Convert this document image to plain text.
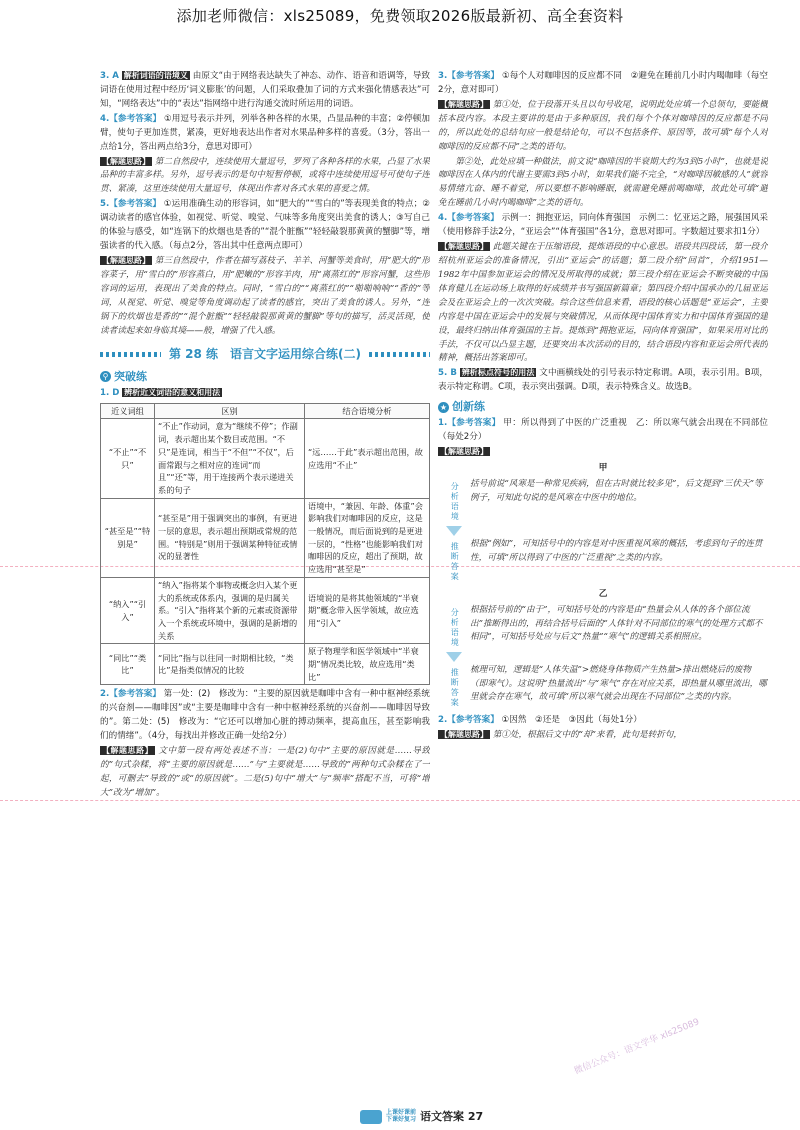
添加老师微信：xls25089，免费领取2026版最新初、高全套资料
3. A 解析词语的语境义 由原文“由于网络表达缺失了神态、动作、语音和语调等，导致词语在使用过程中经历‘词义膨胀’的问题，人们采取叠加了词的方式来强化情感表达”可知，“网络表达”中的“表达”指网络中进行沟通交流时所运用的词语。
4.【参考答案】 ①用逗号表示并列，列举各种各样的水果，凸显品种的丰富；②停顿加臂，使句子更加连贯，紧凑，更好地表达出作者对水果品种多样的喜爱。（3分，答出一点给1分，答出两点给3分，意思对即可）
【解题思路】 第二自然段中，连续使用大量逗号，罗列了各种各样的水果，凸显了水果品种的丰富多样。另外，逗号表示的是句中短暂停顿，或将中连续使用逗号可使句子连贯、紧凑，这里连续使用大量逗号，体现出作者对各式水果的喜爱之情。
5.【参考答案】 ①运用准确生动的形容词，如“肥大的”“雪白的”等表现美食的特点；②调动读者的感官体验，如视觉、听觉、嗅觉、气味等多角度突出美食的诱人；③写自己的体验与感受，如“连锅下的炊烟也是香的”“混个脏甑”“轻轻敲裂那黄黄的蟹脚”等，增强读者的代入感。（每点2分，答出其中任意两点即可）
【解题思路】 第三自然段中，作者在描写荔枝子、羊羊、河蟹等美食时，用“肥大的”形容菜子，用“雪白的”形容蒸白，用“肥嫩的”形容羊肉，用“离蒸红的”形容河蟹，这些形容词的运用，表现出了美食的特点。同时，“雪白的”“离蒸红的”“啪啪响响”“香的”等词，从视觉、听觉、嗅觉等角度调动起了读者的感官，突出了美食的诱人。另外，“连锅下的炊烟也是香的”“混个脏甑”“轻轻敲裂那黄黄的蟹脚”等句的描写，活灵活现，使读者读起来如身临其境——般，增强了代入感。
第 28 练　语言文字运用综合练(二)
⚲ 突破练
1. D 辨析近义词语的意义和用法
近义词组	区别	结合语境分析
“不止”“不只”	“不止”作动词，意为“继续不停”；作副词，表示超出某个数目或范围。“不只”是连词，相当于“不但”“不仅”，后面常跟与之相对应的连词“而且”“还”等，用于连接两个表示递进关系的句子	“远……于此”表示超出范围，故应选用“不止”
“甚至是”“特别是”	“甚至是”用于强调突出的事例，有更进一层的意思，表示超出预期或常规的范围。“特别是”则用于强调某种特征或情况的显著性	语境中，“兼因、年龄、体重”会影响我们对咖啡因的反应，这是一般情况，而后面说到的是更进一层的，“性格”也能影响我们对咖啡因的反应，超出了预期，故应选用“甚至是”
“纳入”“引入”	“纳入”指将某个事物或概念归入某个更大的系统或体系内，强调的是归属关系。“引入”指将某个新的元素或资源带入一个系统或环境中，强调的是新增的关系	语境说的是将其他领域的“半衰期”概念带入医学领域，故应选用“引入”
“同比”“类比”	“同比”指与以往同一时期相比较，“类比”是指类似情况的比较	原子物理学和医学领域中“半衰期”情况类比较，故应选用“类比”
2.【参考答案】 第一处：(2)　修改为：“主要的原因就是咖啡中含有一种中枢神经系统的兴奋剂——咖啡因”或“主要是咖啡中含有一种中枢神经系统的兴奋剂——咖啡因导致的”。第二处：(5)　修改为：“它还可以增加心脏的搏动频率，提高血压，甚至影响我们的情绪”。（4分，每找出并修改正确一处给2分）
【解题思路】 文中第一段有两处表述不当：一是(2)句中“主要的原因就是……导致的”句式杂糅，将“主要的原因就是……”与“主要就是……导致的”两种句式杂糅在了一起，可删去“导致的”或“的原因就”。二是(5)句中“增大”与“频率”搭配不当，可将“增大”改为“增加”。
3.【参考答案】 ①每个人对咖啡因的反应都不同　②避免在睡前几小时内喝咖啡（每空2分，意对即可）
【解题思路】 第①处，位于段落开头且以句号收尾，说明此处应填一个总领句，要能概括本段内容。本段主要讲的是由于多种原因，我们每个个体对咖啡因的反应都是不同的，所以此处的总结句应一般是结论句，可以不包括条件、原因等，故可填“每个人对咖啡因的反应都不同”之类的语句。
第②处，此处应填一种做法，前文说“咖啡因的半衰期大约为3到5小时”，也就是说咖啡因在人体内的代谢主要需3到5小时，如果我们能不完全，“对咖啡因敏感的人”就容易情绪亢奋、睡不着觉，所以要想不影响睡眠，就需避免睡前喝咖啡，故此处可填“避免在睡前几小时内喝咖啡”之类的语句。
4.【参考答案】 示例一：拥抱亚运，同向体育强国　示例二：忆亚运之路，展强国风采（使用修辞手法2分，“亚运会”“体育强国”各1分，意思对即可。字数超过要求扣1分）
【解题思路】 此题关键在于压缩语段，提炼语段的中心意思。语段共四段话，第一段介绍杭州亚运会的准备情况，引出“亚运会”的话题；第二段介绍“回首”，介绍1951—1982年中国参加亚运会的情况及所取得的成就；第三段介绍在亚运会不断突破的中国体育健儿在运动场上取得的好成绩并书写强国新篇章；第四段介绍中国承办的几届亚运会及在亚运会上的一次次突破。综合这些信息来看，语段的核心话题是“亚运会”，主要内容是中国在亚运会中的发展与突破情况，从而体现中国体育实力和中国体育强国的建设，最终归纳出体育强国的主旨。提炼到“拥抱亚运，同向体育强国”，如果采用对比的手法，不仅可以凸显主题，还要突出本次活动的目的，结合语段内容和亚运会所代表的精神，概括出答案即可。
5. B 辨析标点符号的用法 文中画横线处的引号表示特定称谓。A项，表示引用。B项，表示特定称谓。C项，表示突出强调。D项，表示特殊含义。故选B。
★ 创新练
1.【参考答案】 甲：所以得到了中医的广泛重视　乙：所以寒气就会出现在不同部位（每处2分）
【解题思路】
甲
分析语境 括号前说“风寒是一种常见疾病，但在古时就比较多见”，后文提到“三伏天”等例子，可知此句说的是风寒在中医中的地位。
推断答案 根据“例如”，可知括号中的内容是对中医重视风寒的概括，考虑到句子的连贯性，可填“所以得到了中医的广泛重视”之类的内容。
乙
分析语境 根据括号前的“由于”，可知括号处的内容是由“热量会从人体的各个部位流出”推断得出的，再结合括号后面的“人体针对不同部位的寒气的处理方式都不相同”，可知括号处应与后文“热量”“寒气”的逻辑关系相照应。
推断答案 梳理可知，逻辑是“人体失温”>燃烧身体物质产生热量>排出燃烧后的废物（即寒气）。这说明“热量流出”与“寒气”存在对应关系，即热量从哪里流出，哪里就会存在寒气，故可填“所以寒气就会出现在不同部位”之类的内容。
2.【参考答案】 ①因然　②还是　③因此（每处1分）
【解题思路】 第①处，根据后文中的“却”来看，此句是转折句，
微信公众号：语文学华 xls25089
上课好课前
下课好复习 语文答案 27
